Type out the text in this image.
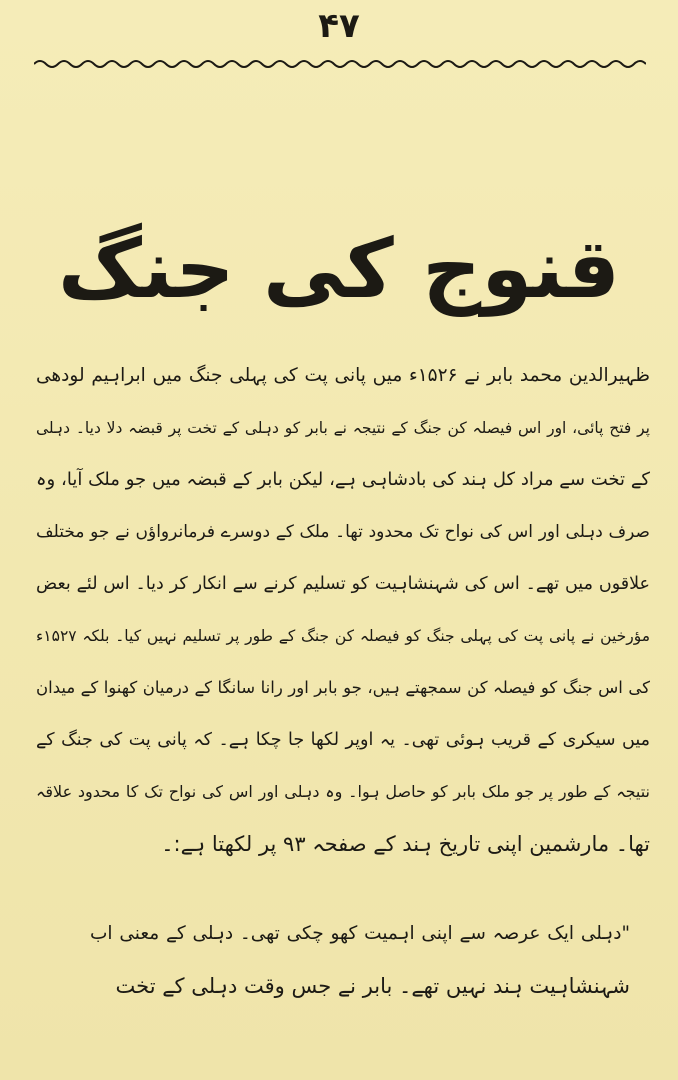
۴۷
قنوج کی جنگ
ظہیرالدین محمد بابر نے ۱۵۲۶ء میں پانی پت کی پہلی جنگ میں ابراہیم لودھی
پر فتح پائی، اور اس فیصلہ کن جنگ کے نتیجہ نے بابر کو دہلی کے تخت پر قبضہ دلا دیا۔ دہلی
کے تخت سے مراد کل ہند کی بادشاہی ہے، لیکن بابر کے قبضہ میں جو ملک آیا، وہ
صرف دہلی اور اس کی نواح تک محدود تھا۔ ملک کے دوسرے فرمانرواؤں نے جو مختلف
علاقوں میں تھے۔ اس کی شہنشاہیت کو تسلیم کرنے سے انکار کر دیا۔ اس لئے بعض
مؤرخین نے پانی پت کی پہلی جنگ کو فیصلہ کن جنگ کے طور پر تسلیم نہیں کیا۔ بلکہ ۱۵۲۷ء
کی اس جنگ کو فیصلہ کن سمجھتے ہیں، جو بابر اور رانا سانگا کے درمیان کھنوا کے میدان
میں سیکری کے قریب ہوئی تھی۔ یہ اوپر لکھا جا چکا ہے۔ کہ پانی پت کی جنگ کے
نتیجہ کے طور پر جو ملک بابر کو حاصل ہوا۔ وہ دہلی اور اس کی نواح تک کا محدود علاقہ
تھا۔ مارشمین اپنی تاریخ ہند کے صفحہ ۹۳ پر لکھتا ہے:۔
"دہلی ایک عرصہ سے اپنی اہمیت کھو چکی تھی۔ دہلی کے معنی اب
شہنشاہیت ہند نہیں تھے۔ بابر نے جس وقت دہلی کے تخت
